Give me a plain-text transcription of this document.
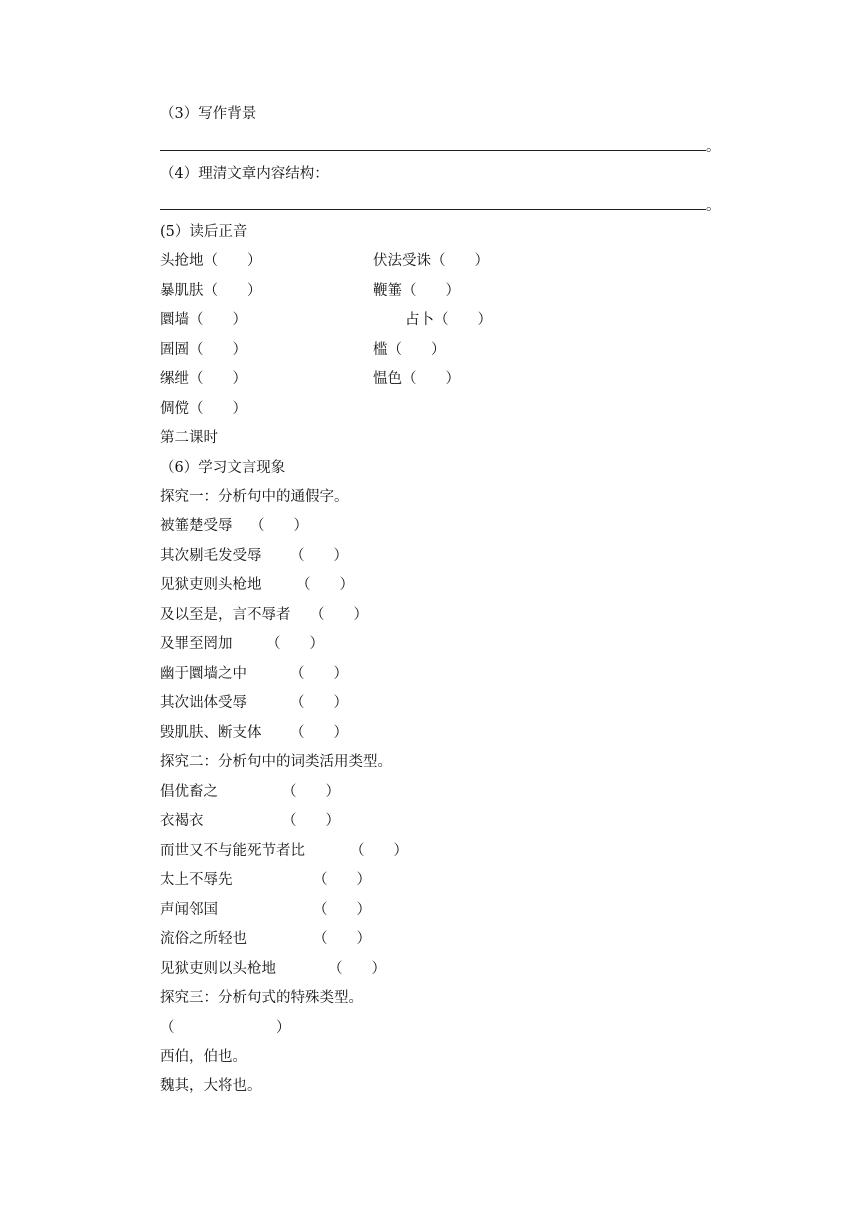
（3）写作背景
。
（4）理清文章内容结构：
。
(5）读后正音
头抢地（　　）	伏法受诛（　　）
暴肌肤（　　）	鞭箠（　　）
圜墙（　　）	占卜（　　）
圄圄（　　）	槛（　　）
缧绁（　　）	愠色（　　）
倜傥（　　）
第二课时
（6）学习文言现象
探究一：分析句中的通假字。
被箠楚受辱 （　　）
其次剔毛发受辱 （　　）
见狱吏则头枪地 （　　）
及以至是，言不辱者 （　　）
及罪至罔加 （　　）
幽于圜墙之中	（　　）
其次诎体受辱	（　　）
毁肌肤、断支体 （　　）
探究二：分析句中的词类活用类型。
倡优畜之	（　　）
衣褐衣	（　　）
而世又不与能死节者比	（　　）
太上不辱先	（　　）
声闻邻国	（　　）
流俗之所轻也	（　　）
见狱吏则以头枪地	（　　）
探究三：分析句式的特殊类型。
（　　　　　　　）
西伯，伯也。
魏其，大将也。
